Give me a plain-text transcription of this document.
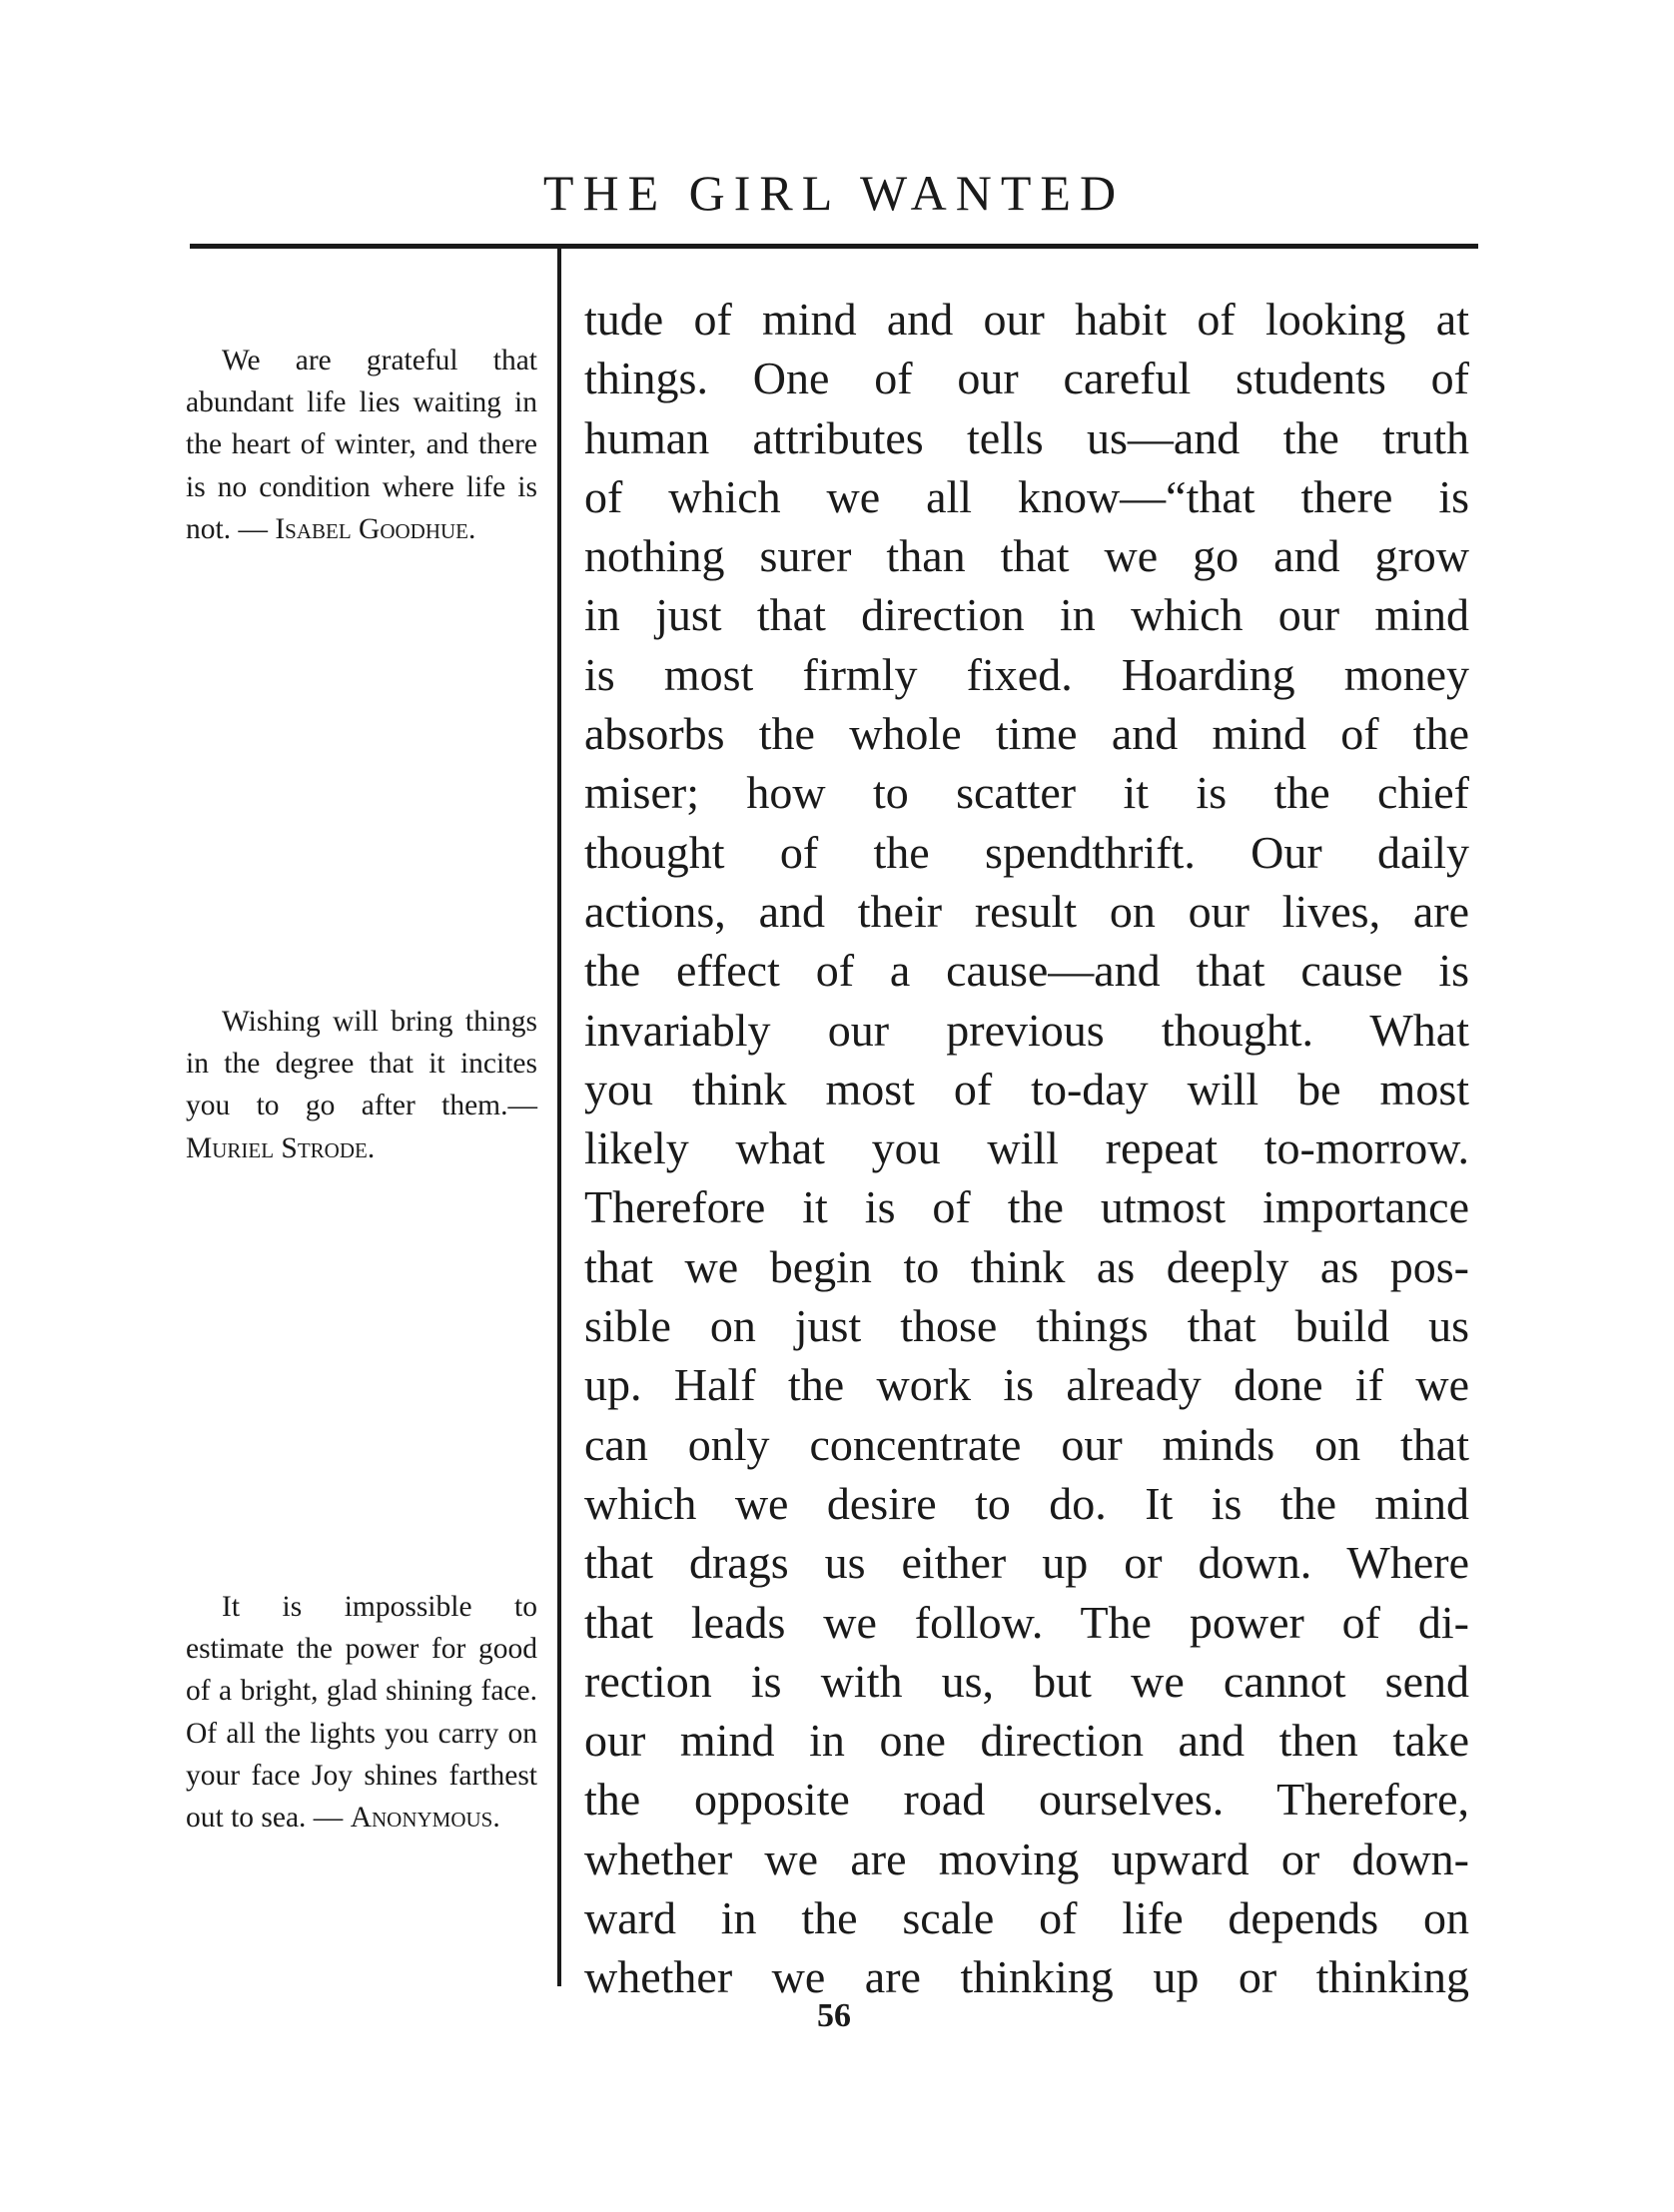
THE GIRL WANTED
We are grateful that abundant life lies waiting in the heart of winter, and there is no condition where life is not. — Isabel Goodhue.
Wishing will bring things in the degree that it incites you to go after them.— Muriel Strode.
It is impossible to estimate the power for good of a bright, glad shining face. Of all the lights you carry on your face Joy shines farthest out to sea. — Anonymous.
tude of mind and our habit of looking at
things. One of our careful students of
human attributes tells us—and the truth
of which we all know—“that there is
nothing surer than that we go and grow
in just that direction in which our mind
is most firmly fixed. Hoarding money
absorbs the whole time and mind of the
miser; how to scatter it is the chief
thought of the spendthrift. Our daily
actions, and their result on our lives, are
the effect of a cause—and that cause is
invariably our previous thought. What
you think most of to-day will be most
likely what you will repeat to-morrow.
Therefore it is of the utmost importance
that we begin to think as deeply as pos-
sible on just those things that build us
up. Half the work is already done if we
can only concentrate our minds on that
which we desire to do. It is the mind
that drags us either up or down. Where
that leads we follow. The power of di-
rection is with us, but we cannot send
our mind in one direction and then take
the opposite road ourselves. Therefore,
whether we are moving upward or down-
ward in the scale of life depends on
whether we are thinking up or thinking
56
